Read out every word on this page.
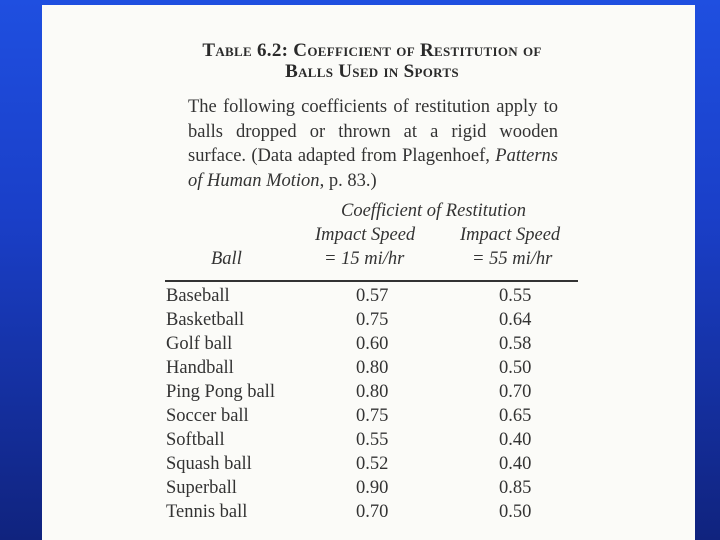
Table 6.2: Coefficient of Restitution of
Balls Used in Sports
The following coefficients of restitution apply to balls dropped or thrown at a rigid wooden surface. (Data adapted from Plagenhoef, Patterns of Human Motion, p. 83.)
Coefficient of Restitution
Impact Speed Impact Speed
Ball	= 15 mi/hr	= 55 mi/hr
Baseball	0.57	0.55
Basketball	0.75	0.64
Golf ball	0.60	0.58
Handball	0.80	0.50
Ping Pong ball	0.80	0.70
Soccer ball	0.75	0.65
Softball	0.55	0.40
Squash ball	0.52	0.40
Superball	0.90	0.85
Tennis ball	0.70	0.50
